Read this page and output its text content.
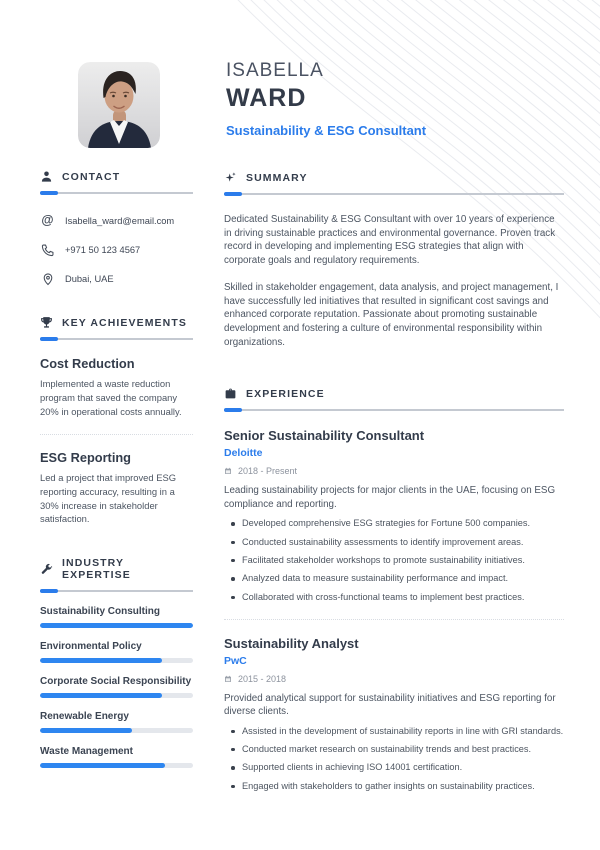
ISABELLA
WARD
Sustainability & ESG Consultant
CONTACT
@ Isabella_ward@email.com
+971 50 123 4567
Dubai, UAE
KEY ACHIEVEMENTS
Cost Reduction

Implemented a waste reduction program that saved the company 20% in operational costs annually.

ESG Reporting

Led a project that improved ESG reporting accuracy, resulting in a 30% increase in stakeholder satisfaction.

INDUSTRY EXPERTISE
Sustainability Consulting
Environmental Policy
Corporate Social Responsibility
Renewable Energy
Waste Management
SUMMARY

Dedicated Sustainability & ESG Consultant with over 10 years of experience in driving sustainable practices and environmental governance. Proven track record in developing and implementing ESG strategies that align with corporate goals and regulatory requirements.

Skilled in stakeholder engagement, data analysis, and project management, I have successfully led initiatives that resulted in significant cost savings and enhanced corporate reputation. Passionate about promoting sustainable development and fostering a culture of environmental responsibility within organizations.

EXPERIENCE
Senior Sustainability Consultant
Deloitte
2018 - Present

Leading sustainability projects for major clients in the UAE, focusing on ESG compliance and reporting.

Developed comprehensive ESG strategies for Fortune 500 companies.
Conducted sustainability assessments to identify improvement areas.
Facilitated stakeholder workshops to promote sustainability initiatives.
Analyzed data to measure sustainability performance and impact.
Collaborated with cross-functional teams to implement best practices.
Sustainability Analyst
PwC
2015 - 2018

Provided analytical support for sustainability initiatives and ESG reporting for diverse clients.

Assisted in the development of sustainability reports in line with GRI standards.
Conducted market research on sustainability trends and best practices.
Supported clients in achieving ISO 14001 certification.
Engaged with stakeholders to gather insights on sustainability practices.
